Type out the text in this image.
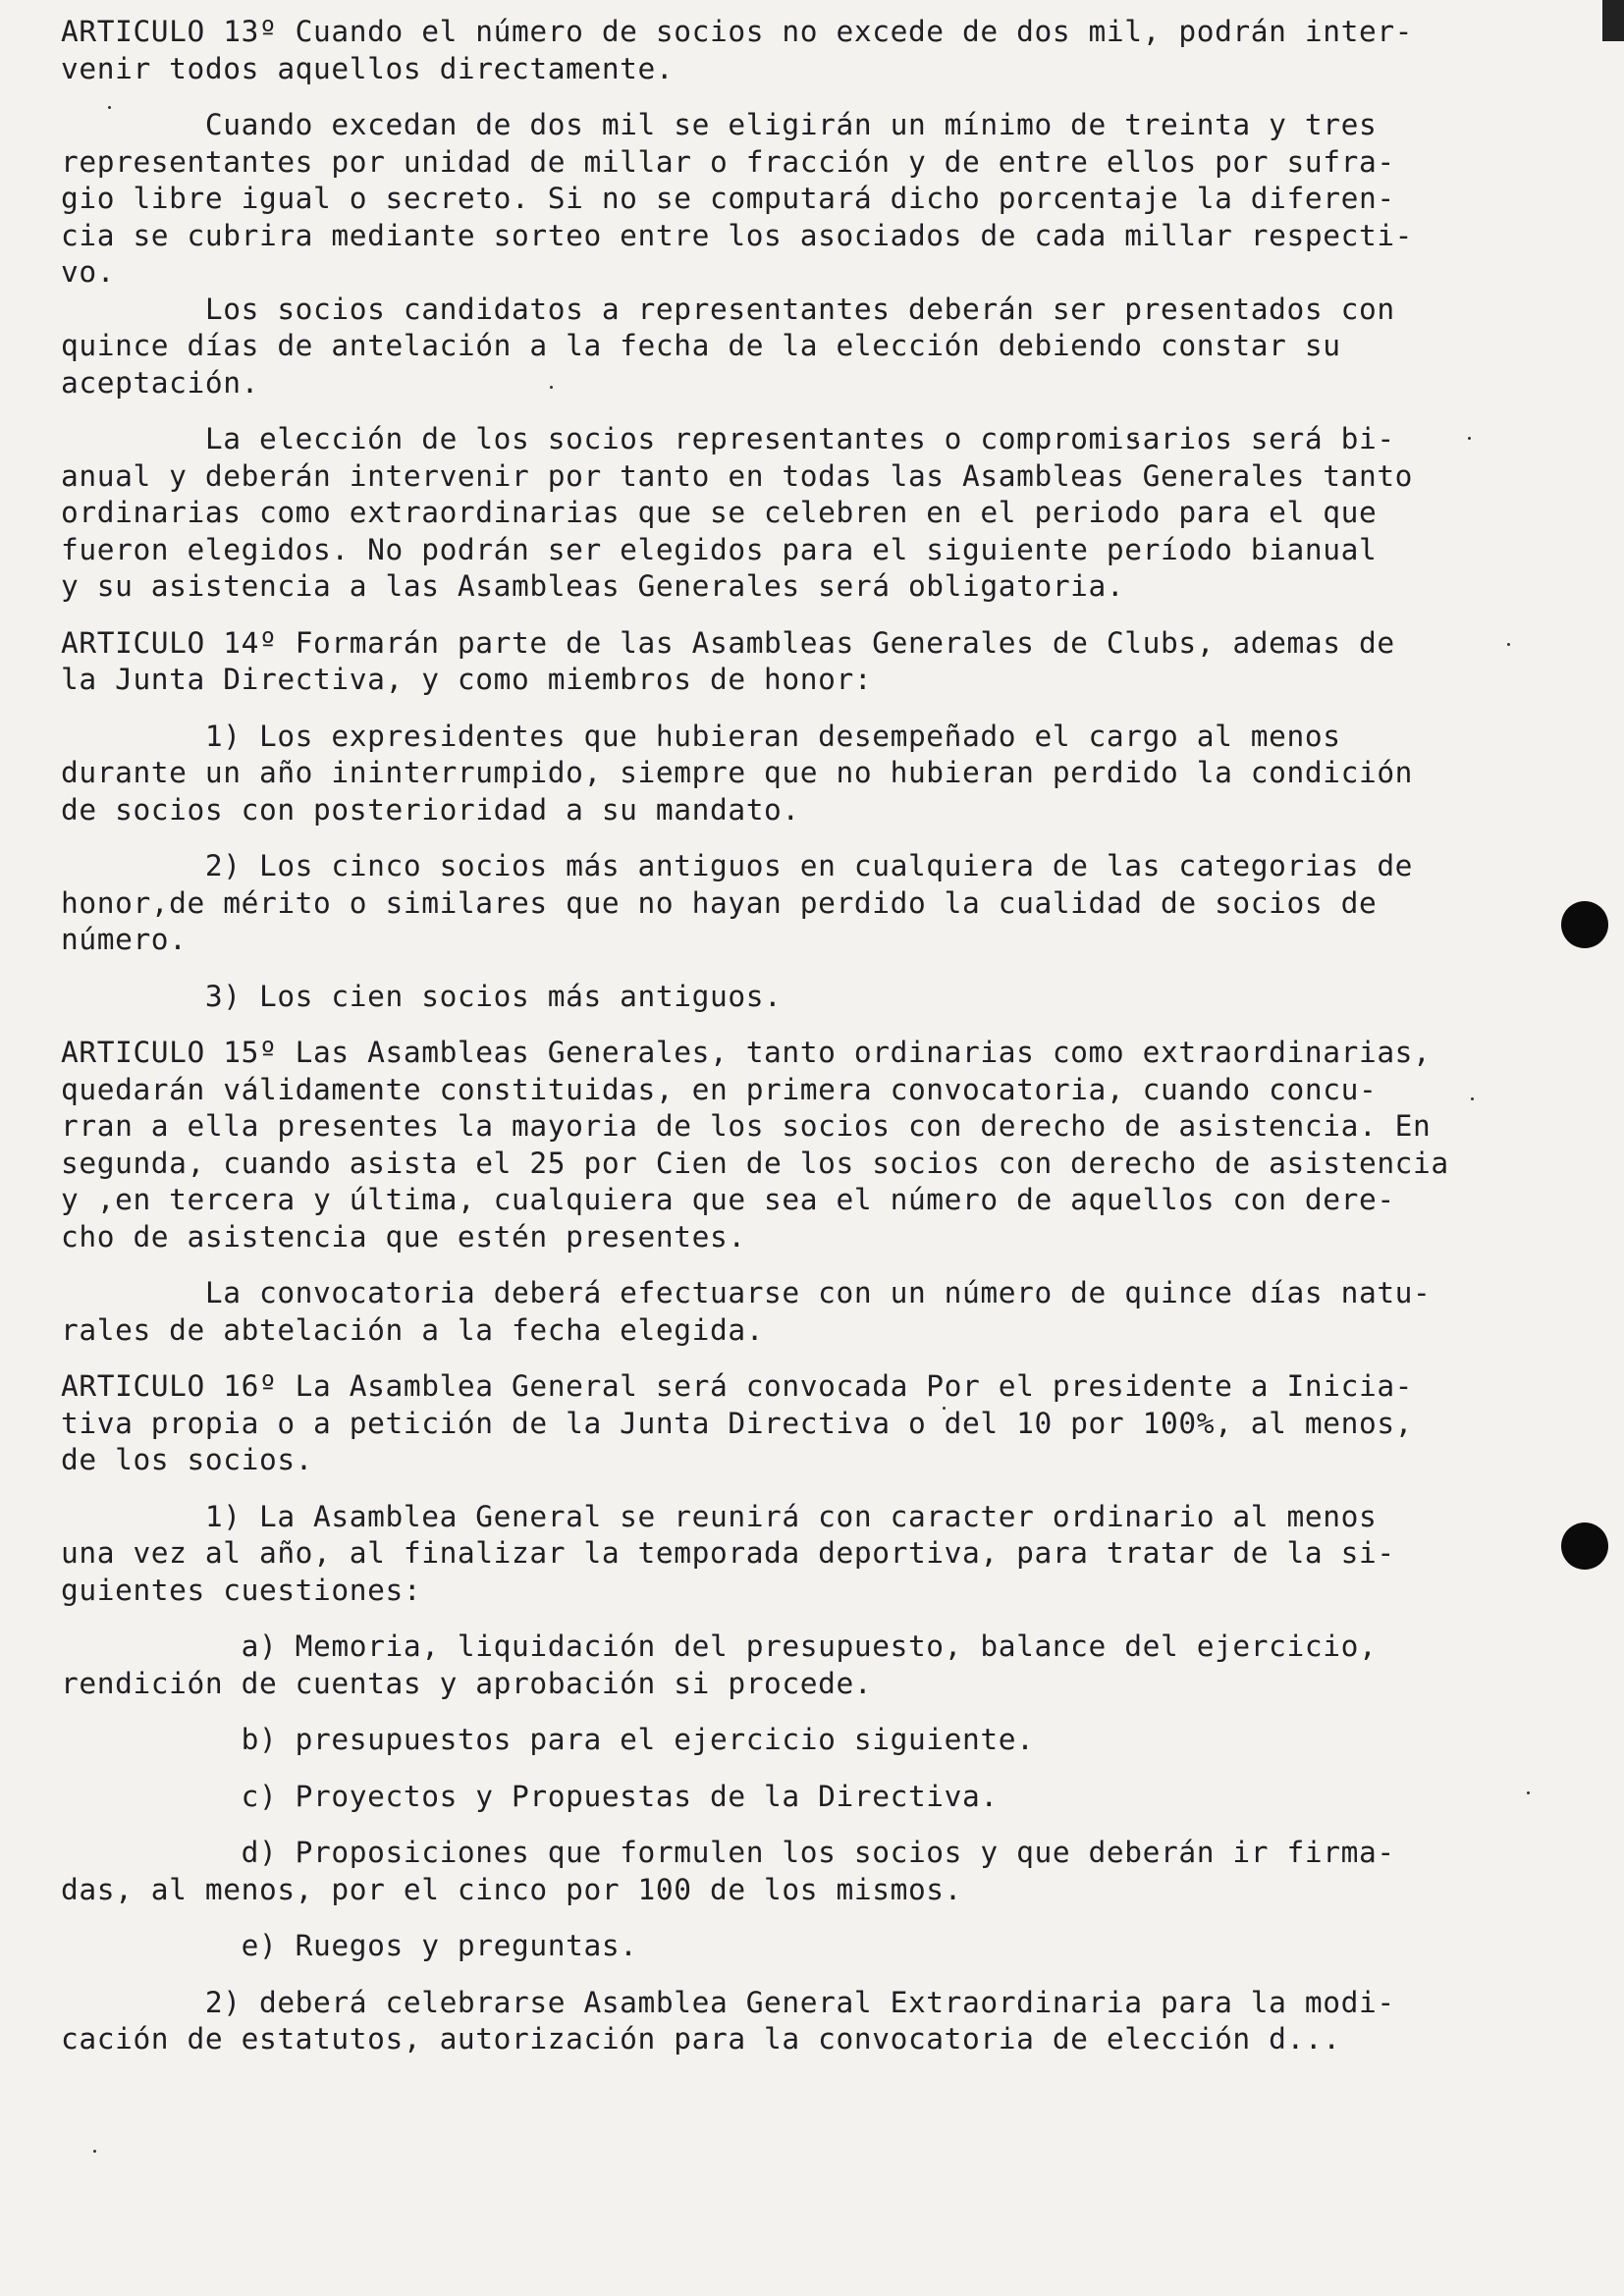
ARTICULO 13º Cuando el número de socios no excede de dos mil, podrán inter-
venir todos aquellos directamente.
Cuando excedan de dos mil se eligirán un mínimo de treinta y tres
representantes por unidad de millar o fracción y de entre ellos por sufra-
gio libre igual o secreto. Si no se computará dicho porcentaje la diferen-
cia se cubrira mediante sorteo entre los asociados de cada millar respecti-
vo.
Los socios candidatos a representantes deberán ser presentados con
quince días de antelación a la fecha de la elección debiendo constar su
aceptación.
La elección de los socios representantes o compromisarios será bi-
anual y deberán intervenir por tanto en todas las Asambleas Generales tanto
ordinarias como extraordinarias que se celebren en el periodo para el que
fueron elegidos. No podrán ser elegidos para el siguiente período bianual
y su asistencia a las Asambleas Generales será obligatoria.
ARTICULO 14º Formarán parte de las Asambleas Generales de Clubs, ademas de
la Junta Directiva, y como miembros de honor:
1) Los expresidentes que hubieran desempeñado el cargo al menos
durante un año ininterrumpido, siempre que no hubieran perdido la condición
de socios con posterioridad a su mandato.
2) Los cinco socios más antiguos en cualquiera de las categorias de
honor,de mérito o similares que no hayan perdido la cualidad de socios de
número.
3) Los cien socios más antiguos.
ARTICULO 15º Las Asambleas Generales, tanto ordinarias como extraordinarias,
quedarán válidamente constituidas, en primera convocatoria, cuando concu-
rran a ella presentes la mayoria de los socios con derecho de asistencia. En
segunda, cuando asista el 25 por Cien de los socios con derecho de asistencia
y ,en tercera y última, cualquiera que sea el número de aquellos con dere-
cho de asistencia que estén presentes.
La convocatoria deberá efectuarse con un número de quince días natu-
rales de abtelación a la fecha elegida.
ARTICULO 16º La Asamblea General será convocada Por el presidente a Inicia-
tiva propia o a petición de la Junta Directiva o del 10 por 100%, al menos,
de los socios.
1) La Asamblea General se reunirá con caracter ordinario al menos
una vez al año, al finalizar la temporada deportiva, para tratar de la si-
guientes cuestiones:
a) Memoria, liquidación del presupuesto, balance del ejercicio,
rendición de cuentas y aprobación si procede.
b) presupuestos para el ejercicio siguiente.
c) Proyectos y Propuestas de la Directiva.
d) Proposiciones que formulen los socios y que deberán ir firma-
das, al menos, por el cinco por 100 de los mismos.
e) Ruegos y preguntas.
2) deberá celebrarse Asamblea General Extraordinaria para la modi-
cación de estatutos, autorización para la convocatoria de elección d...
